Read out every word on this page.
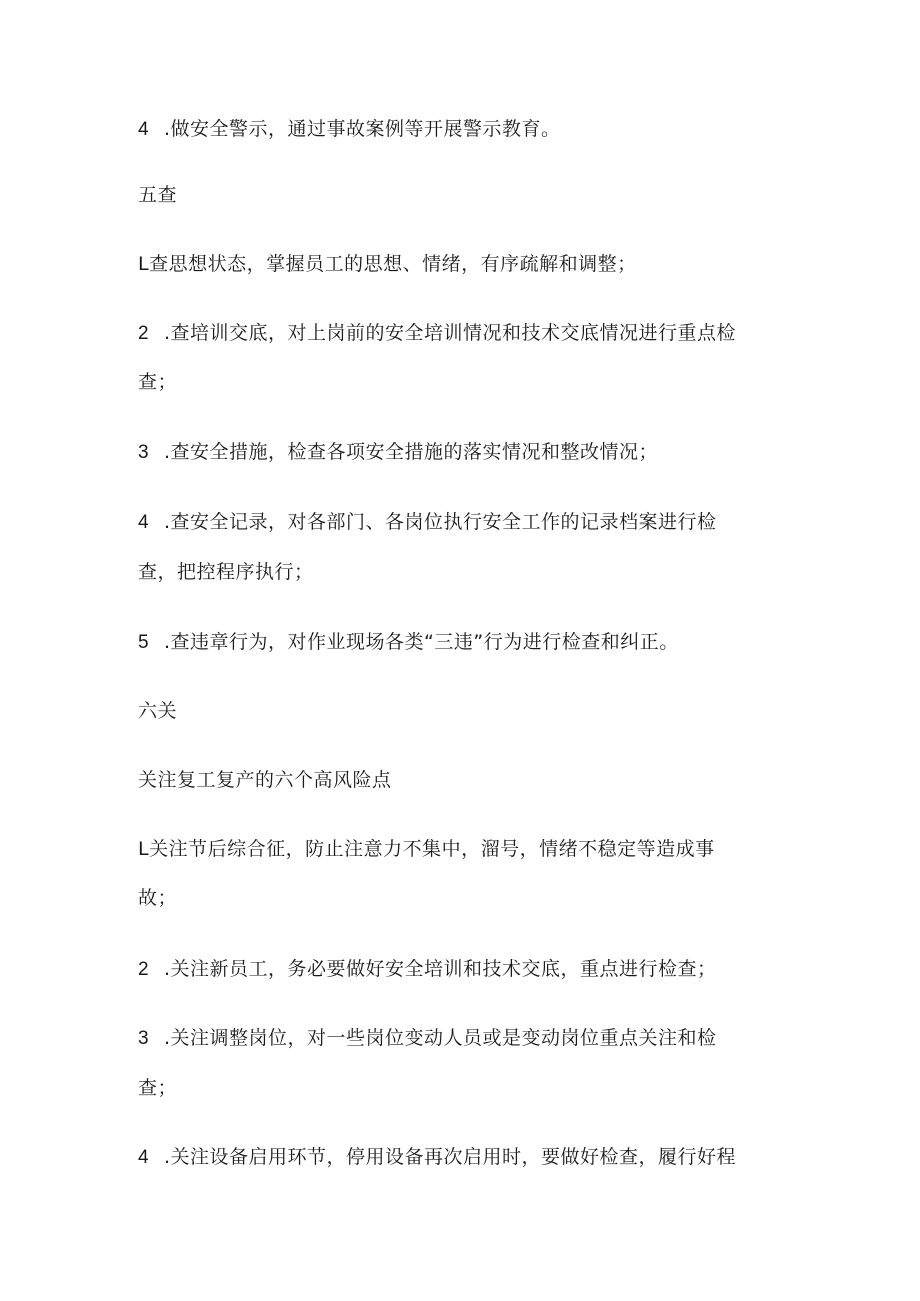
4 .做安全警示，通过事故案例等开展警示教育。
五查
L查思想状态，掌握员工的思想、情绪，有序疏解和调整；
2 .查培训交底，对上岗前的安全培训情况和技术交底情况进行重点检
查；
3 .查安全措施，检查各项安全措施的落实情况和整改情况；
4 .查安全记录，对各部门、各岗位执行安全工作的记录档案进行检
查，把控程序执行；
5 .查违章行为，对作业现场各类“三违”行为进行检查和纠正。
六关
关注复工复产的六个高风险点
L关注节后综合征，防止注意力不集中，溜号，情绪不稳定等造成事
故；
2 .关注新员工，务必要做好安全培训和技术交底，重点进行检查；
3 .关注调整岗位，对一些岗位变动人员或是变动岗位重点关注和检
查；
4 .关注设备启用环节，停用设备再次启用时，要做好检查，履行好程
